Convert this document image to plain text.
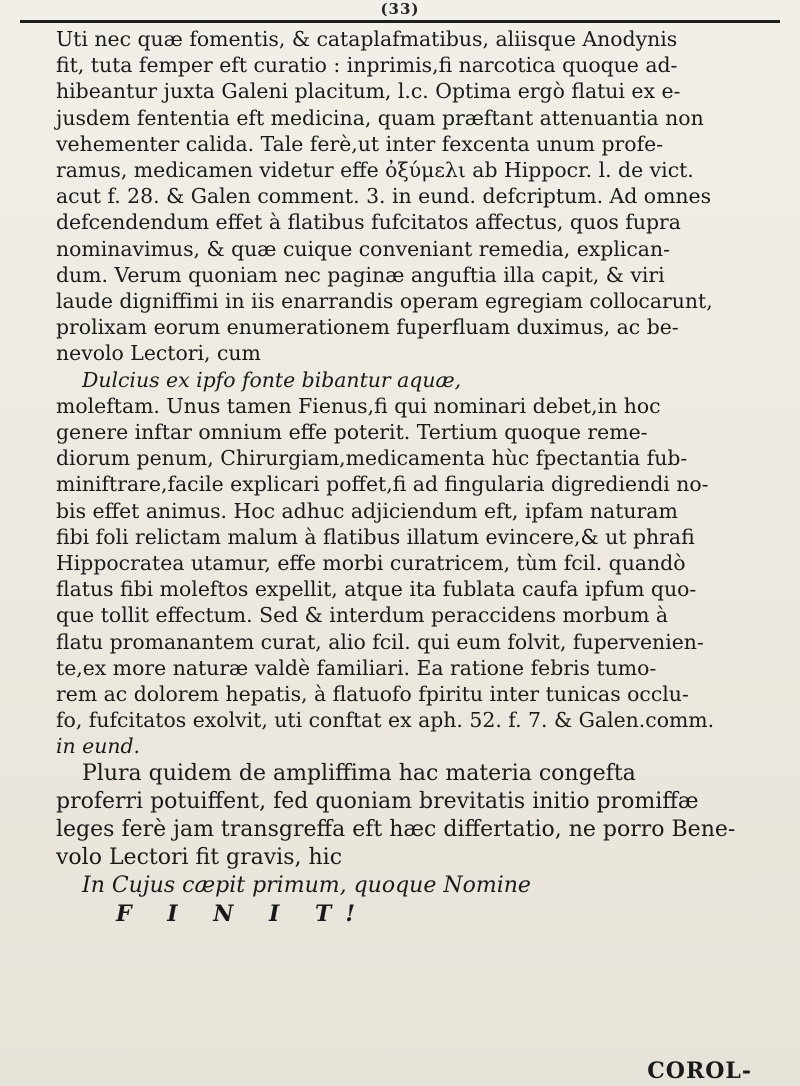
(33)
Uti nec quæ fomentis, & cataplafmatibus, aliisque Anodynis
fit, tuta femper eft curatio : inprimis,fi narcotica quoque ad-
hibeantur juxta Galeni placitum, l.c. Optima ergò flatui ex e-
jusdem fententia eft medicina, quam præftant attenuantia non
vehementer calida. Tale ferè,ut inter fexcenta unum profe-
ramus, medicamen videtur effe ὀξύμελι ab Hippocr. l. de vict.
acut f. 28. & Galen comment. 3. in eund. defcriptum. Ad omnes
defcendendum effet à flatibus fufcitatos affectus, quos fupra
nominavimus, & quæ cuique conveniant remedia, explican-
dum. Verum quoniam nec paginæ anguftia illa capit, & viri
laude digniffimi in iis enarrandis operam egregiam collocarunt,
prolixam eorum enumerationem fuperfluam duximus, ac be-
nevolo Lectori, cum
Dulcius ex ipfo fonte bibantur aquæ,
moleftam. Unus tamen Fienus,fi qui nominari debet,in hoc
genere inftar omnium effe poterit. Tertium quoque reme-
diorum penum, Chirurgiam,medicamenta hùc fpectantia fub-
miniftrare,facile explicari poffet,fi ad fingularia digrediendi no-
bis effet animus. Hoc adhuc adjiciendum eft, ipfam naturam
fibi foli relictam malum à flatibus illatum evincere,& ut phrafi
Hippocratea utamur, effe morbi curatricem, tùm fcil. quandò
flatus fibi moleftos expellit, atque ita fublata caufa ipfum quo-
que tollit effectum. Sed & interdum peraccidens morbum à
flatu promanantem curat, alio fcil. qui eum folvit, fupervenien-
te,ex more naturæ valdè familiari. Ea ratione febris tumo-
rem ac dolorem hepatis, à flatuofo fpiritu inter tunicas occlu-
fo, fufcitatos exolvit, uti conftat ex aph. 52. f. 7. & Galen.comm.
in eund.
Plura quidem de ampliffima hac materia congefta
proferri potuiffent, fed quoniam brevitatis initio promiffæ
leges ferè jam transgreffa eft hæc differtatio, ne porro Bene-
volo Lectori fit gravis, hic
In Cujus cæpit primum, quoque Nomine
F I N I T!
COROL-
